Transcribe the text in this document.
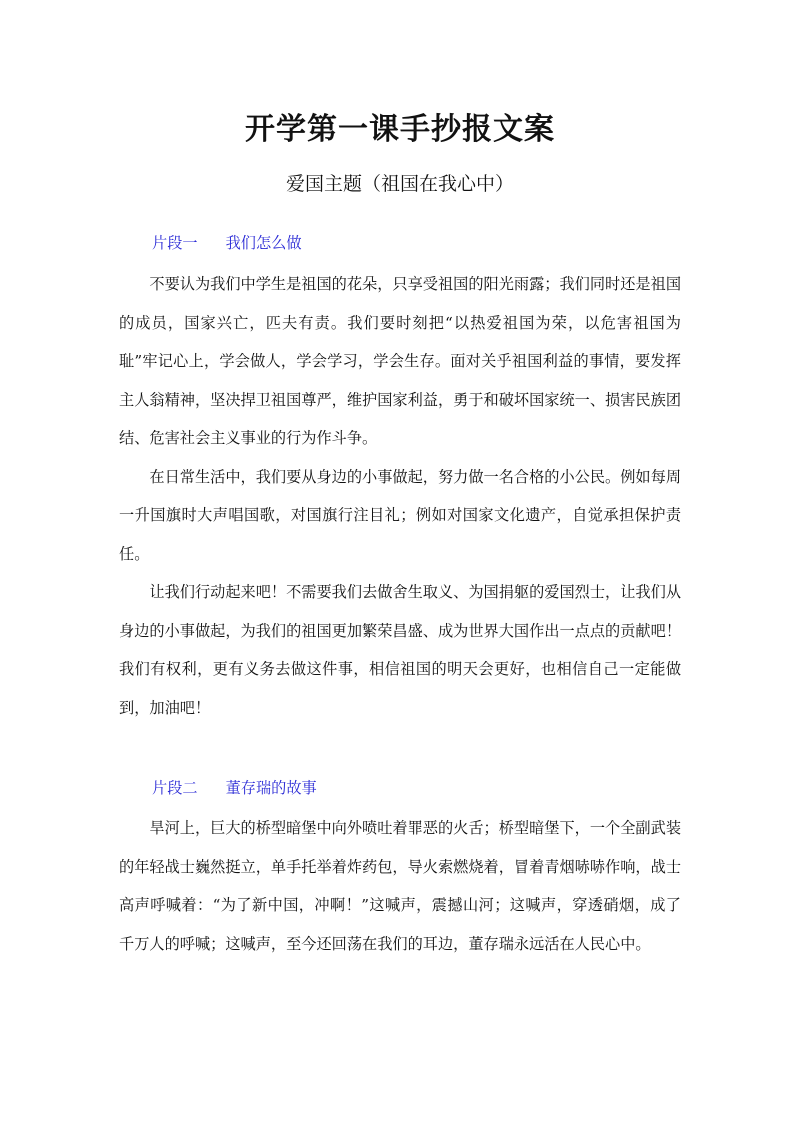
开学第一课手抄报文案
爱国主题（祖国在我心中）
片段一 我们怎么做

不要认为我们中学生是祖国的花朵，只享受祖国的阳光雨露；我们同时还是祖国的成员，国家兴亡，匹夫有责。我们要时刻把“以热爱祖国为荣，以危害祖国为耻”牢记心上，学会做人，学会学习，学会生存。面对关乎祖国利益的事情，要发挥主人翁精神，坚决捍卫祖国尊严，维护国家利益，勇于和破坏国家统一、损害民族团结、危害社会主义事业的行为作斗争。

在日常生活中，我们要从身边的小事做起，努力做一名合格的小公民。例如每周一升国旗时大声唱国歌，对国旗行注目礼；例如对国家文化遗产，自觉承担保护责任。

让我们行动起来吧！不需要我们去做舍生取义、为国捐躯的爱国烈士，让我们从身边的小事做起，为我们的祖国更加繁荣昌盛、成为世界大国作出一点点的贡献吧！我们有权利，更有义务去做这件事，相信祖国的明天会更好，也相信自己一定能做到，加油吧！

片段二 董存瑞的故事

旱河上，巨大的桥型暗堡中向外喷吐着罪恶的火舌；桥型暗堡下，一个全副武装的年轻战士巍然挺立，单手托举着炸药包，导火索燃烧着，冒着青烟哧哧作响，战士高声呼喊着：“为了新中国，冲啊！”这喊声，震撼山河；这喊声，穿透硝烟，成了千万人的呼喊；这喊声，至今还回荡在我们的耳边，董存瑞永远活在人民心中。
